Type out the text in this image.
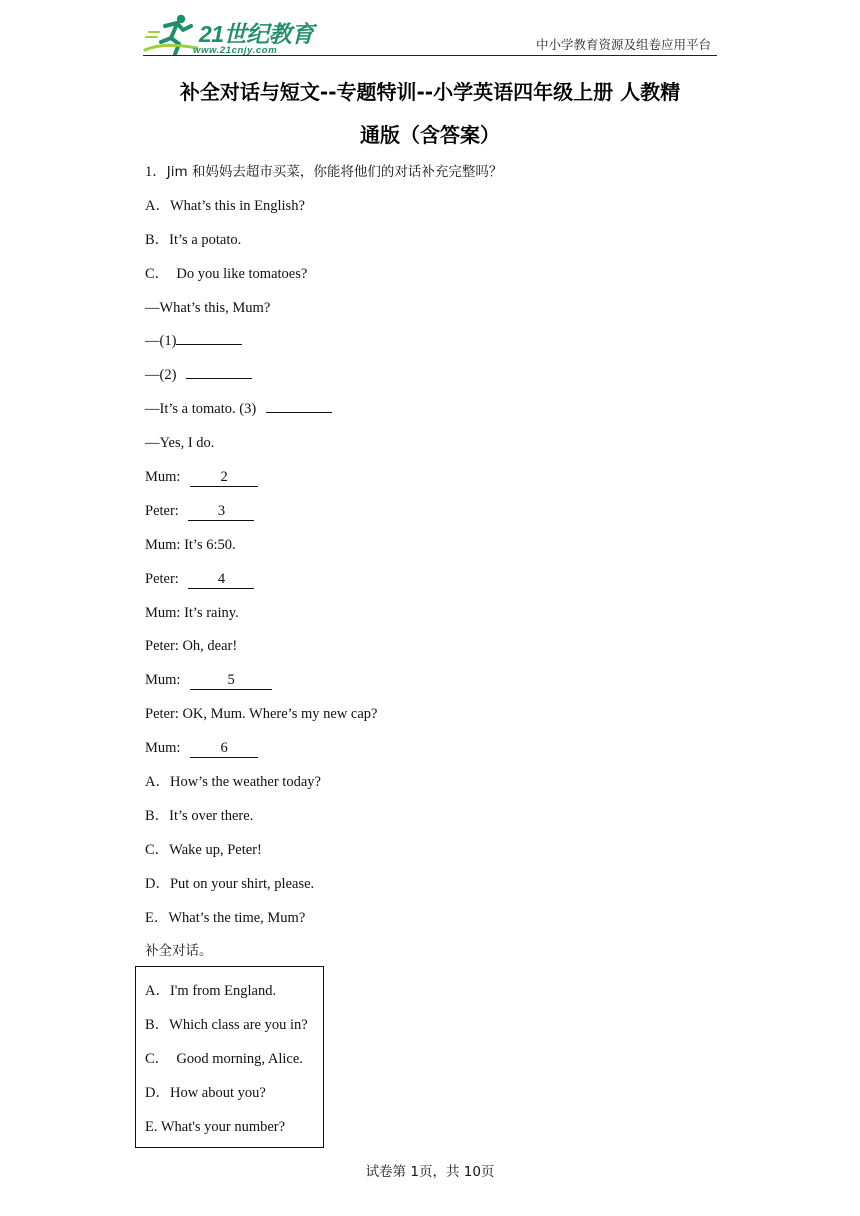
21世纪教育
www.21cnjy.com	中小学教育资源及组卷应用平台
补全对话与短文--专题特训--小学英语四年级上册 人教精
通版（含答案）
1．Jim 和妈妈去超市买菜，你能将他们的对话补充完整吗？
A．What’s this in English?
B．It’s a potato.
C．  Do you like tomatoes?
—What’s this, Mum?
—(1)
—(2)
—It’s a tomato. (3)
—Yes, I do.
Mum:	2
Peter: 3
Mum: It’s 6:50.
Peter: 4
Mum: It’s rainy.
Peter: Oh, dear!
Mum:	5
Peter: OK, Mum. Where’s my new cap?
Mum:	6
A．How’s the weather today?
B．It’s over there.
C．Wake up, Peter!
D．Put on your shirt, please.
E．What’s the time, Mum?
补全对话。
A．I'm from England.
B．Which class are you in?
C．  Good morning, Alice.
D．How about you?
E. What's your number?
试卷第 1页，共 10页
